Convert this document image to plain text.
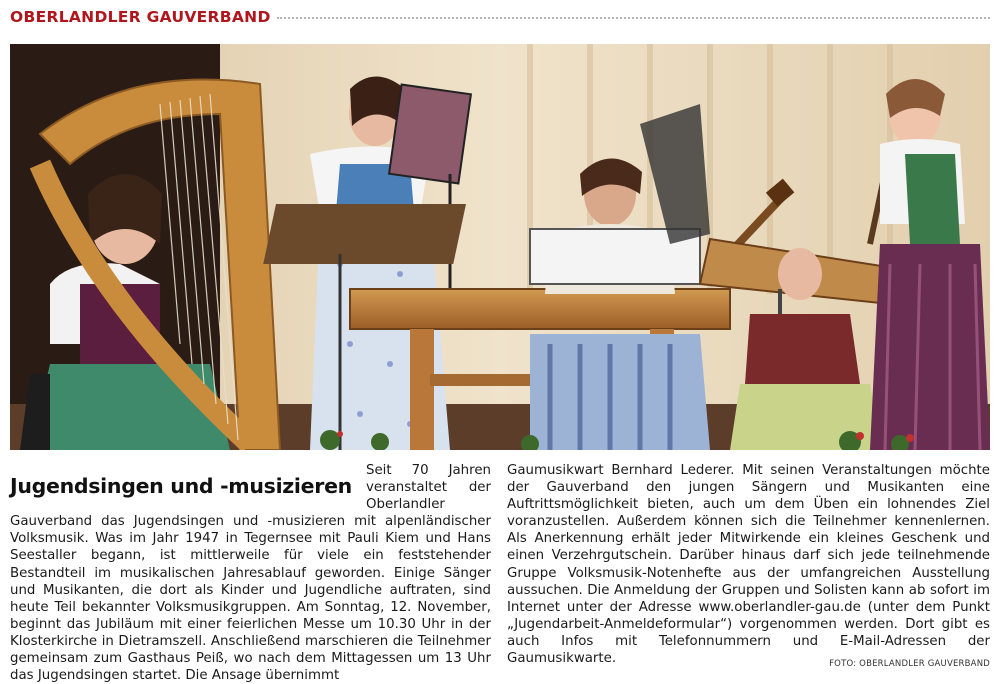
OBERLANDLER GAUVERBAND
Jugendsingen und -musizieren

Seit 70 Jahren veranstaltet der Oberlandler Gauverband das Jugendsingen und -musizieren mit alpenländischer Volksmusik. Was im Jahr 1947 in Tegernsee mit Pauli Kiem und Hans Seestaller begann, ist mittlerweile für viele ein feststehender Bestandteil im musikalischen Jahresablauf geworden. Einige Sänger und Musikanten, die dort als Kinder und Jugendliche auftraten, sind heute Teil bekannter Volksmusikgruppen. Am Sonntag, 12. November, beginnt das Jubiläum mit einer feierlichen Messe um 10.30 Uhr in der Klosterkirche in Dietramszell. Anschließend marschieren die Teilnehmer gemeinsam zum Gasthaus Peiß, wo nach dem Mittagessen um 13 Uhr das Jugendsingen startet. Die Ansage übernimmt

Gaumusikwart Bernhard Lederer. Mit seinen Veranstaltungen möchte der Gauverband den jungen Sängern und Musikanten eine Auftrittsmöglichkeit bieten, auch um dem Üben ein lohnendes Ziel voranzustellen. Außerdem können sich die Teilnehmer kennenlernen. Als Anerkennung erhält jeder Mitwirkende ein kleines Geschenk und einen Verzehrgutschein. Darüber hinaus darf sich jede teilnehmende Gruppe Volksmusik-Notenhefte aus der umfangreichen Ausstellung aussuchen. Die Anmeldung der Gruppen und Solisten kann ab sofort im Internet unter der Adresse www.oberlandler-gau.de (unter dem Punkt „Jugendarbeit-Anmeldeformular“) vorgenommen werden. Dort gibt es auch Infos mit Telefonnummern und E-Mail-Adressen der Gaumusikwarte.	FOTO: OBERLANDLER GAUVERBAND
